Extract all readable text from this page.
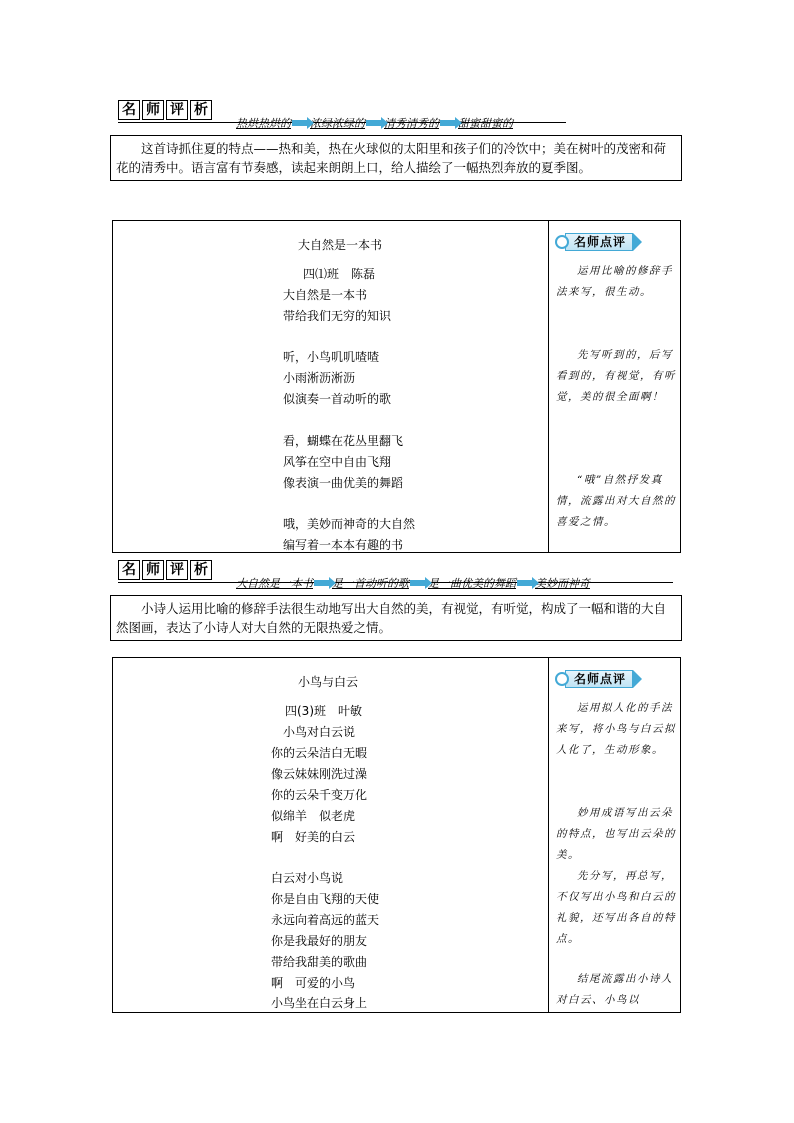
名 师 评 析
热烘热烘的 浓绿浓绿的 清秀清秀的 甜蜜甜蜜的
这首诗抓住夏的特点——热和美，热在火球似的太阳里和孩子们的冷饮中；美在树叶的茂密和荷花的清秀中。语言富有节奏感，读起来朗朗上口，给人描绘了一幅热烈奔放的夏季图。
大自然是一本书
四⑴班　陈磊
大自然是一本书
带给我们无穷的知识
听，小鸟叽叽喳喳
小雨淅沥淅沥
似演奏一首动听的歌
看，蝴蝶在花丛里翻飞
风筝在空中自由飞翔
像表演一曲优美的舞蹈
哦，美妙而神奇的大自然
编写着一本本有趣的书
名师点评
运用比喻的修辞手法来写，很生动。
先写听到的，后写看到的，有视觉，有听觉，美的很全面啊！
“哦”自然抒发真情，流露出对大自然的喜爱之情。
名 师 评 析
大自然是一本书 是一首动听的歌 是一曲优美的舞蹈 美妙而神奇
小诗人运用比喻的修辞手法很生动地写出大自然的美，有视觉，有听觉，构成了一幅和谐的大自然图画，表达了小诗人对大自然的无限热爱之情。
小鸟与白云
四(3)班　叶敏
小鸟对白云说
你的云朵洁白无暇
像云妹妹刚洗过澡
你的云朵千变万化
似绵羊　似老虎
啊　好美的白云
白云对小鸟说
你是自由飞翔的天使
永远向着高远的蓝天
你是我最好的朋友
带给我甜美的歌曲
啊　可爱的小鸟
小鸟坐在白云身上
名师点评
运用拟人化的手法来写，将小鸟与白云拟人化了，生动形象。
妙用成语写出云朵的特点，也写出云朵的美。
先分写，再总写，不仅写出小鸟和白云的礼貌，还写出各自的特点。
结尾流露出小诗人对白云、小鸟以
